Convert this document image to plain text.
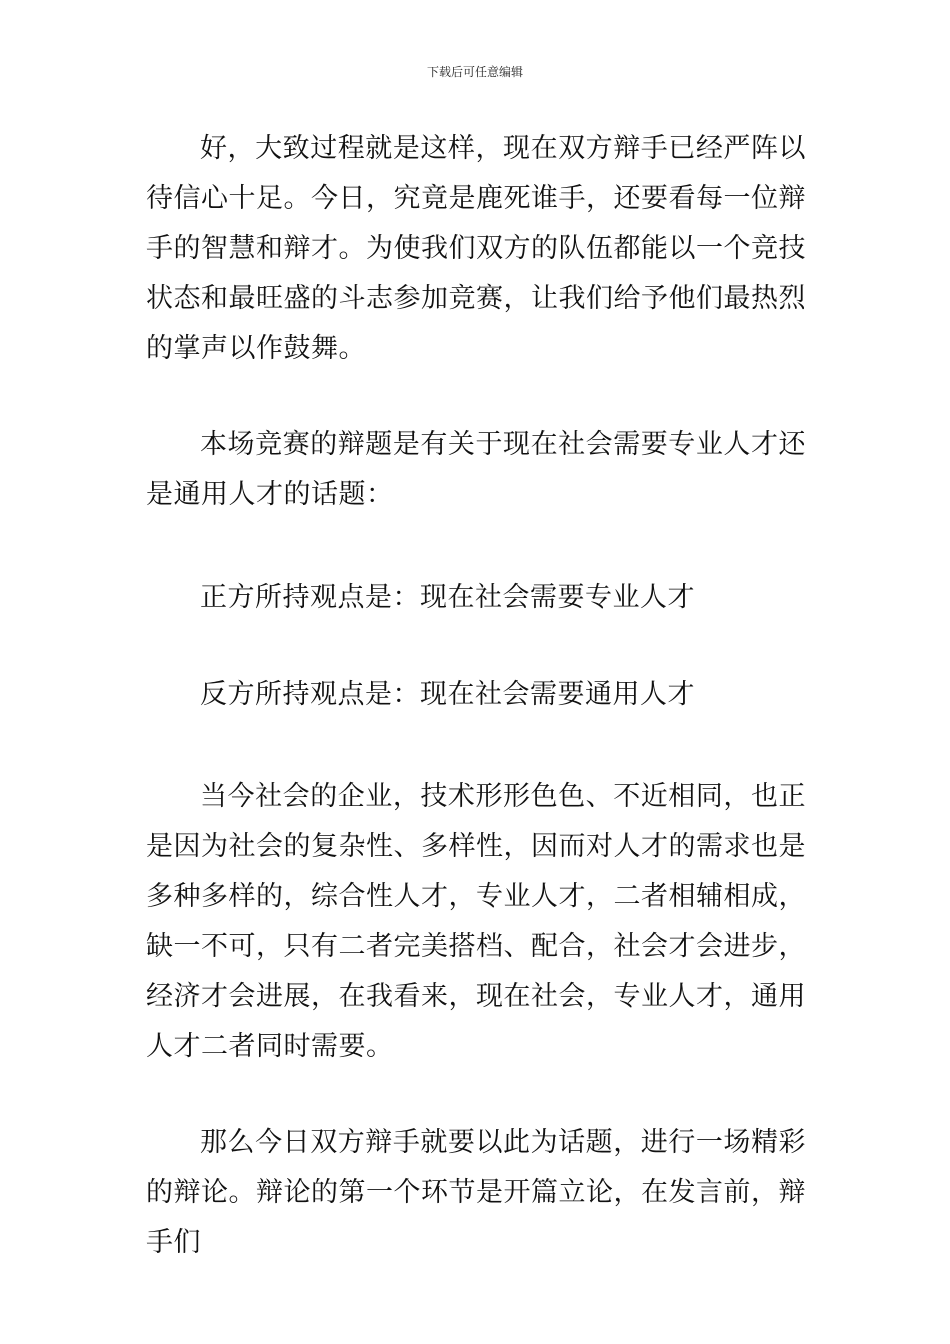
下载后可任意编辑

好，大致过程就是这样，现在双方辩手已经严阵以待信心十足。今日，究竟是鹿死谁手，还要看每一位辩手的智慧和辩才。为使我们双方的队伍都能以一个竞技状态和最旺盛的斗志参加竞赛，让我们给予他们最热烈的掌声以作鼓舞。

本场竞赛的辩题是有关于现在社会需要专业人才还是通用人才的话题：

正方所持观点是：现在社会需要专业人才

反方所持观点是：现在社会需要通用人才

当今社会的企业，技术形形色色、不近相同，也正是因为社会的复杂性、多样性，因而对人才的需求也是多种多样的，综合性人才，专业人才，二者相辅相成，缺一不可，只有二者完美搭档、配合，社会才会进步，经济才会进展，在我看来，现在社会，专业人才，通用人才二者同时需要。

那么今日双方辩手就要以此为话题，进行一场精彩的辩论。辩论的第一个环节是开篇立论，在发言前，辩手们
